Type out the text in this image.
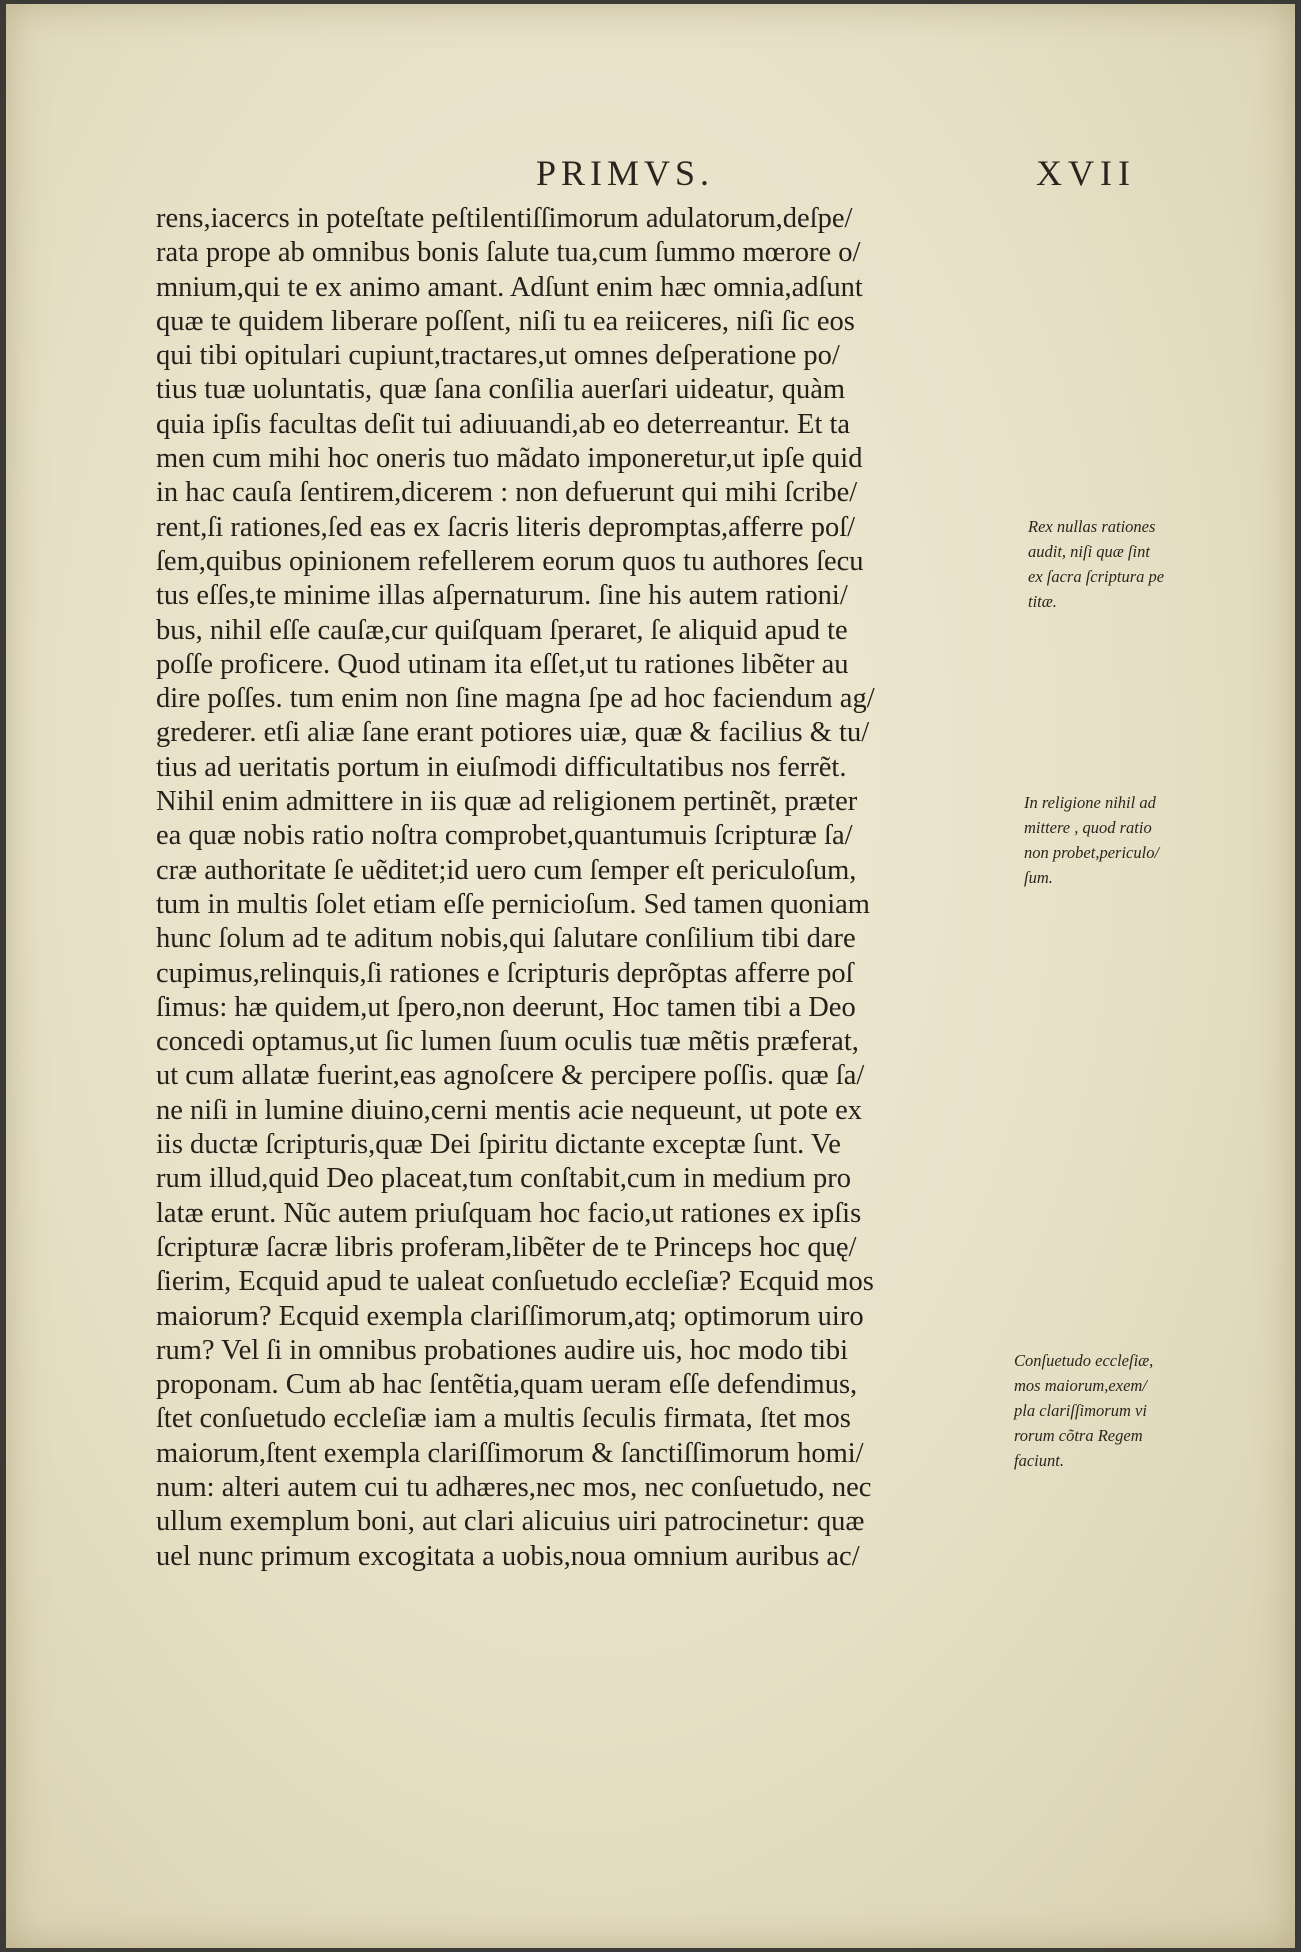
PRIMVS.	XVII
rens,iacercs in poteſtate peſtilentiſſimorum adulatorum,deſpe/
rata prope ab omnibus bonis ſalute tua,cum ſummo mœrore o/
mnium,qui te ex animo amant. Adſunt enim hæc omnia,adſunt
quæ te quidem liberare poſſent, niſi tu ea reiiceres, niſi ſic eos
qui tibi opitulari cupiunt,tractares,ut omnes deſperatione po/
tius tuæ uoluntatis, quæ ſana conſilia auerſari uideatur, quàm
quia ipſis facultas deſit tui adiuuandi,ab eo deterreantur. Et ta
men cum mihi hoc oneris tuo mãdato imponeretur,ut ipſe quid
in hac cauſa ſentirem,dicerem : non defuerunt qui mihi ſcribe/
rent,ſi rationes,ſed eas ex ſacris literis depromptas,afferre poſ/
ſem,quibus opinionem refellerem eorum quos tu authores ſecu
tus eſſes,te minime illas aſpernaturum. ſine his autem rationi/
bus, nihil eſſe cauſæ,cur quiſquam ſperaret, ſe aliquid apud te
poſſe proficere. Quod utinam ita eſſet,ut tu rationes libẽter au
dire poſſes. tum enim non ſine magna ſpe ad hoc faciendum ag/
grederer. etſi aliæ ſane erant potiores uiæ, quæ & facilius & tu/
tius ad ueritatis portum in eiuſmodi difficultatibus nos ferrẽt.
Nihil enim admittere in iis quæ ad religionem pertinẽt, præter
ea quæ nobis ratio noſtra comprobet,quantumuis ſcripturæ ſa/
cræ authoritate ſe uẽditet;id uero cum ſemper eſt periculoſum,
tum in multis ſolet etiam eſſe pernicioſum. Sed tamen quoniam
hunc ſolum ad te aditum nobis,qui ſalutare conſilium tibi dare
cupimus,relinquis,ſi rationes e ſcripturis deprõptas afferre poſ
ſimus: hæ quidem,ut ſpero,non deerunt, Hoc tamen tibi a Deo
concedi optamus,ut ſic lumen ſuum oculis tuæ mẽtis præferat,
ut cum allatæ fuerint,eas agnoſcere & percipere poſſis. quæ ſa/
ne niſi in lumine diuino,cerni mentis acie nequeunt, ut pote ex
iis ductæ ſcripturis,quæ Dei ſpiritu dictante exceptæ ſunt. Ve
rum illud,quid Deo placeat,tum conſtabit,cum in medium pro
latæ erunt. Nũc autem priuſquam hoc facio,ut rationes ex ipſis
ſcripturæ ſacræ libris proferam,libẽter de te Princeps hoc quę/
ſierim, Ecquid apud te ualeat conſuetudo eccleſiæ? Ecquid mos
maiorum? Ecquid exempla clariſſimorum,atq; optimorum uiro
rum? Vel ſi in omnibus probationes audire uis, hoc modo tibi
proponam. Cum ab hac ſentẽtia,quam ueram eſſe defendimus,
ſtet conſuetudo eccleſiæ iam a multis ſeculis firmata, ſtet mos
maiorum,ſtent exempla clariſſimorum & ſanctiſſimorum homi/
num: alteri autem cui tu adhæres,nec mos, nec conſuetudo, nec
ullum exemplum boni, aut clari alicuius uiri patrocinetur: quæ
uel nunc primum excogitata a uobis,noua omnium auribus ac/
Rex nullas rationes
audit, niſi quæ ſint
ex ſacra ſcriptura pe
titæ.
In religione nihil ad
mittere , quod ratio
non probet,periculo/
ſum.
Conſuetudo eccleſiæ,
mos maiorum,exem/
pla clariſſimorum vi
rorum cõtra Regem
faciunt.
